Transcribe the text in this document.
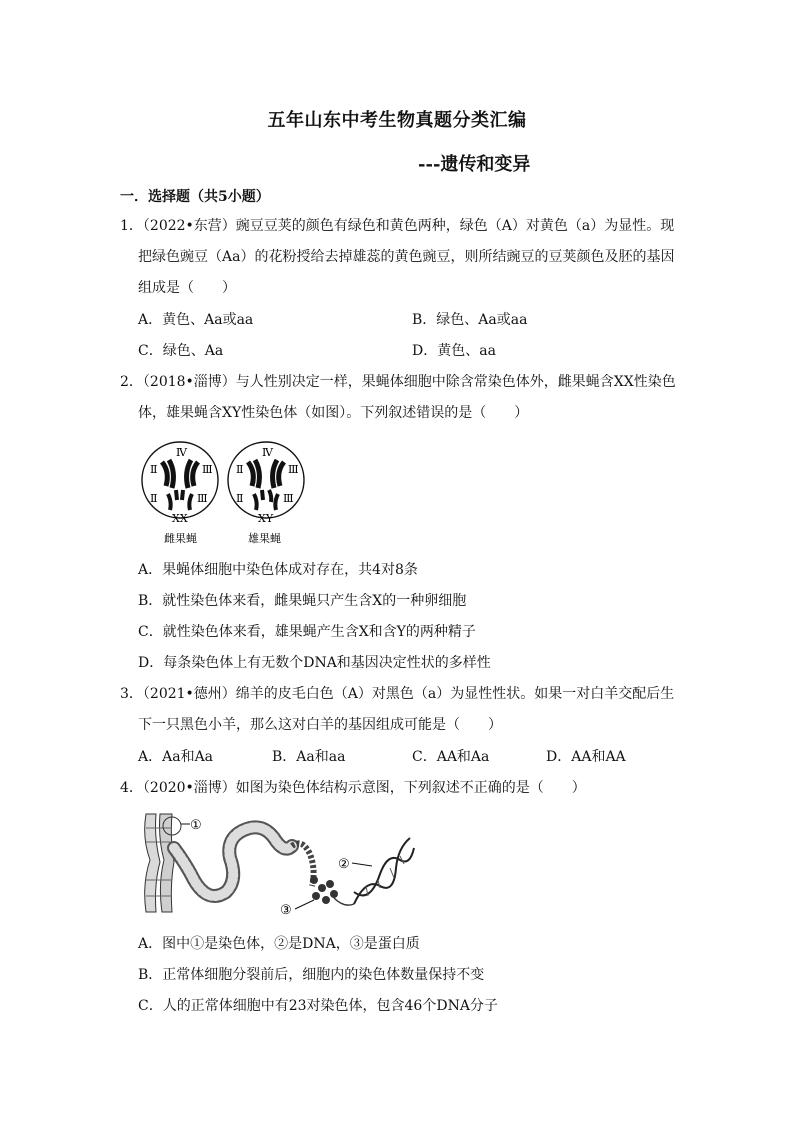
五年山东中考生物真题分类汇编
---遗传和变异
一．选择题（共5小题）
1．（2022•东营）豌豆豆荚的颜色有绿色和黄色两种，绿色（A）对黄色（a）为显性。现
把绿色豌豆（Aa）的花粉授给去掉雄蕊的黄色豌豆，则所结豌豆的豆荚颜色及胚的基因
组成是（　　）
A．黄色、Aa或aa	B．绿色、Aa或aa
C．绿色、Aa	D．黄色、aa
2．（2018•淄博）与人性别决定一样，果蝇体细胞中除含常染色体外，雌果蝇含XX性染色
体，雄果蝇含XY性染色体（如图）。下列叙述错误的是（　　）
Ⅳ
Ⅱ	Ⅲ
Ⅱ	Ⅲ
XX
Ⅳ
Ⅱ	Ⅲ
Ⅱ	Ⅲ
XY
雌果蝇	雄果蝇
A．果蝇体细胞中染色体成对存在，共4对8条
B．就性染色体来看，雌果蝇只产生含X的一种卵细胞
C．就性染色体来看，雄果蝇产生含X和含Y的两种精子
D．每条染色体上有无数个DNA和基因决定性状的多样性
3．（2021•德州）绵羊的皮毛白色（A）对黑色（a）为显性性状。如果一对白羊交配后生
下一只黑色小羊，那么这对白羊的基因组成可能是（　　）
A．Aa和Aa	B．Aa和aa	C．AA和Aa	D．AA和AA
4．（2020•淄博）如图为染色体结构示意图，下列叙述不正确的是（　　）
①
②
③
A．图中①是染色体，②是DNA，③是蛋白质
B．正常体细胞分裂前后，细胞内的染色体数量保持不变
C．人的正常体细胞中有23对染色体，包含46个DNA分子
